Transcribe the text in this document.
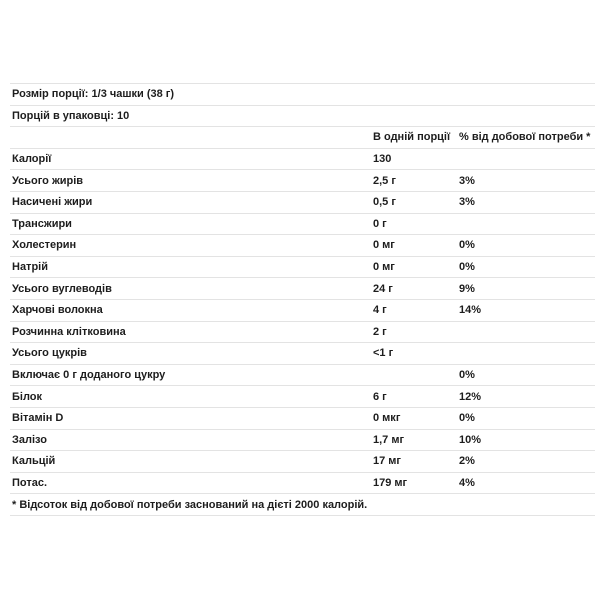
Розмір порції: 1/3 чашки (38 г)		
Порцій в упаковці: 10		
	В одній порції	% від добової потреби *
Калорії	130	
Усього жирів	2,5 г	3%
Насичені жири	0,5 г	3%
Трансжири	0 г	
Холестерин	0 мг	0%
Натрій	0 мг	0%
Усього вуглеводів	24 г	9%
Харчові волокна	4 г	14%
Розчинна клітковина	2 г	
Усього цукрів	<1 г	
Включає 0 г доданого цукру		0%
Білок	6 г	12%
Вітамін D	0 мкг	0%
Залізо	1,7 мг	10%
Кальцій	17 мг	2%
Потас.	179 мг	4%
* Відсоток від добової потреби заснований на дієті 2000 калорій.		
